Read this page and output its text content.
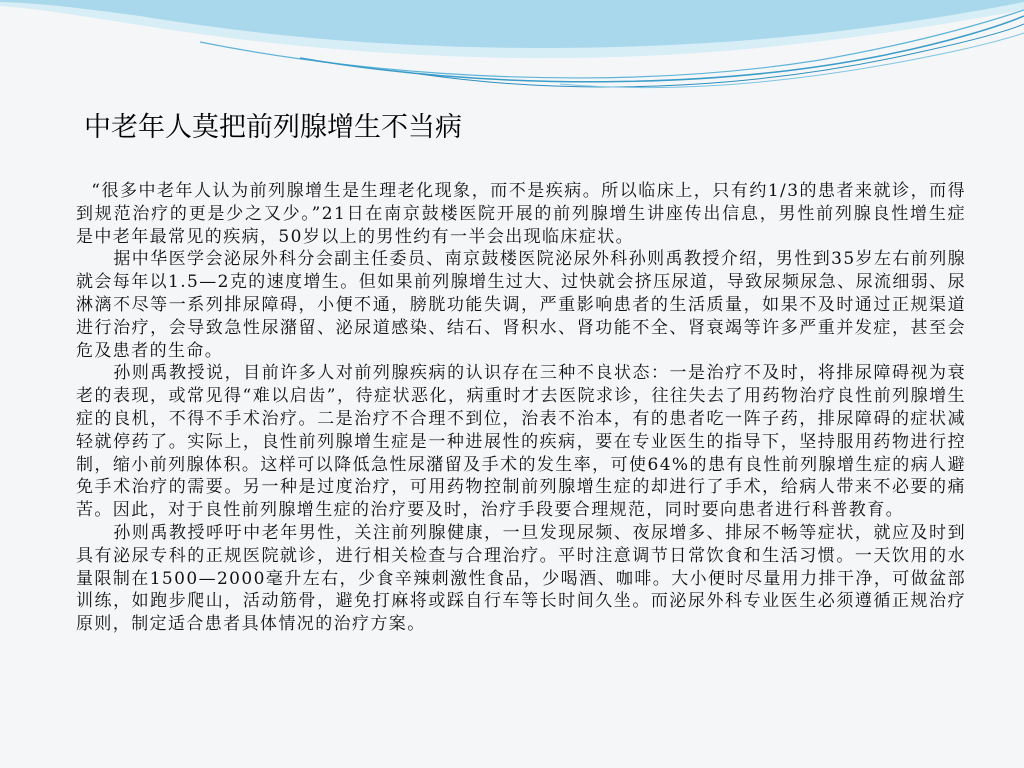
中老年人莫把前列腺增生不当病

“很多中老年人认为前列腺增生是生理老化现象，而不是疾病。所以临床上，只有约1/3的患者来就诊，而得到规范治疗的更是少之又少。”21日在南京鼓楼医院开展的前列腺增生讲座传出信息，男性前列腺良性增生症是中老年最常见的疾病，50岁以上的男性约有一半会出现临床症状。

据中华医学会泌尿外科分会副主任委员、南京鼓楼医院泌尿外科孙则禹教授介绍，男性到35岁左右前列腺就会每年以1.5—2克的速度增生。但如果前列腺增生过大、过快就会挤压尿道，导致尿频尿急、尿流细弱、尿淋漓不尽等一系列排尿障碍，小便不通，膀胱功能失调，严重影响患者的生活质量，如果不及时通过正规渠道进行治疗，会导致急性尿潴留、泌尿道感染、结石、肾积水、肾功能不全、肾衰竭等许多严重并发症，甚至会危及患者的生命。

孙则禹教授说，目前许多人对前列腺疾病的认识存在三种不良状态：一是治疗不及时，将排尿障碍视为衰老的表现，或常见得“难以启齿”，待症状恶化，病重时才去医院求诊，往往失去了用药物治疗良性前列腺增生症的良机，不得不手术治疗。二是治疗不合理不到位，治表不治本，有的患者吃一阵子药，排尿障碍的症状减轻就停药了。实际上，良性前列腺增生症是一种进展性的疾病，要在专业医生的指导下，坚持服用药物进行控制，缩小前列腺体积。这样可以降低急性尿潴留及手术的发生率，可使64%的患有良性前列腺增生症的病人避免手术治疗的需要。另一种是过度治疗，可用药物控制前列腺增生症的却进行了手术，给病人带来不必要的痛苦。因此，对于良性前列腺增生症的治疗要及时，治疗手段要合理规范，同时要向患者进行科普教育。

孙则禹教授呼吁中老年男性，关注前列腺健康，一旦发现尿频、夜尿增多、排尿不畅等症状，就应及时到具有泌尿专科的正规医院就诊，进行相关检查与合理治疗。平时注意调节日常饮食和生活习惯。一天饮用的水量限制在1500—2000毫升左右，少食辛辣刺激性食品，少喝酒、咖啡。大小便时尽量用力排干净，可做盆部训练，如跑步爬山，活动筋骨，避免打麻将或踩自行车等长时间久坐。而泌尿外科专业医生必须遵循正规治疗原则，制定适合患者具体情况的治疗方案。
